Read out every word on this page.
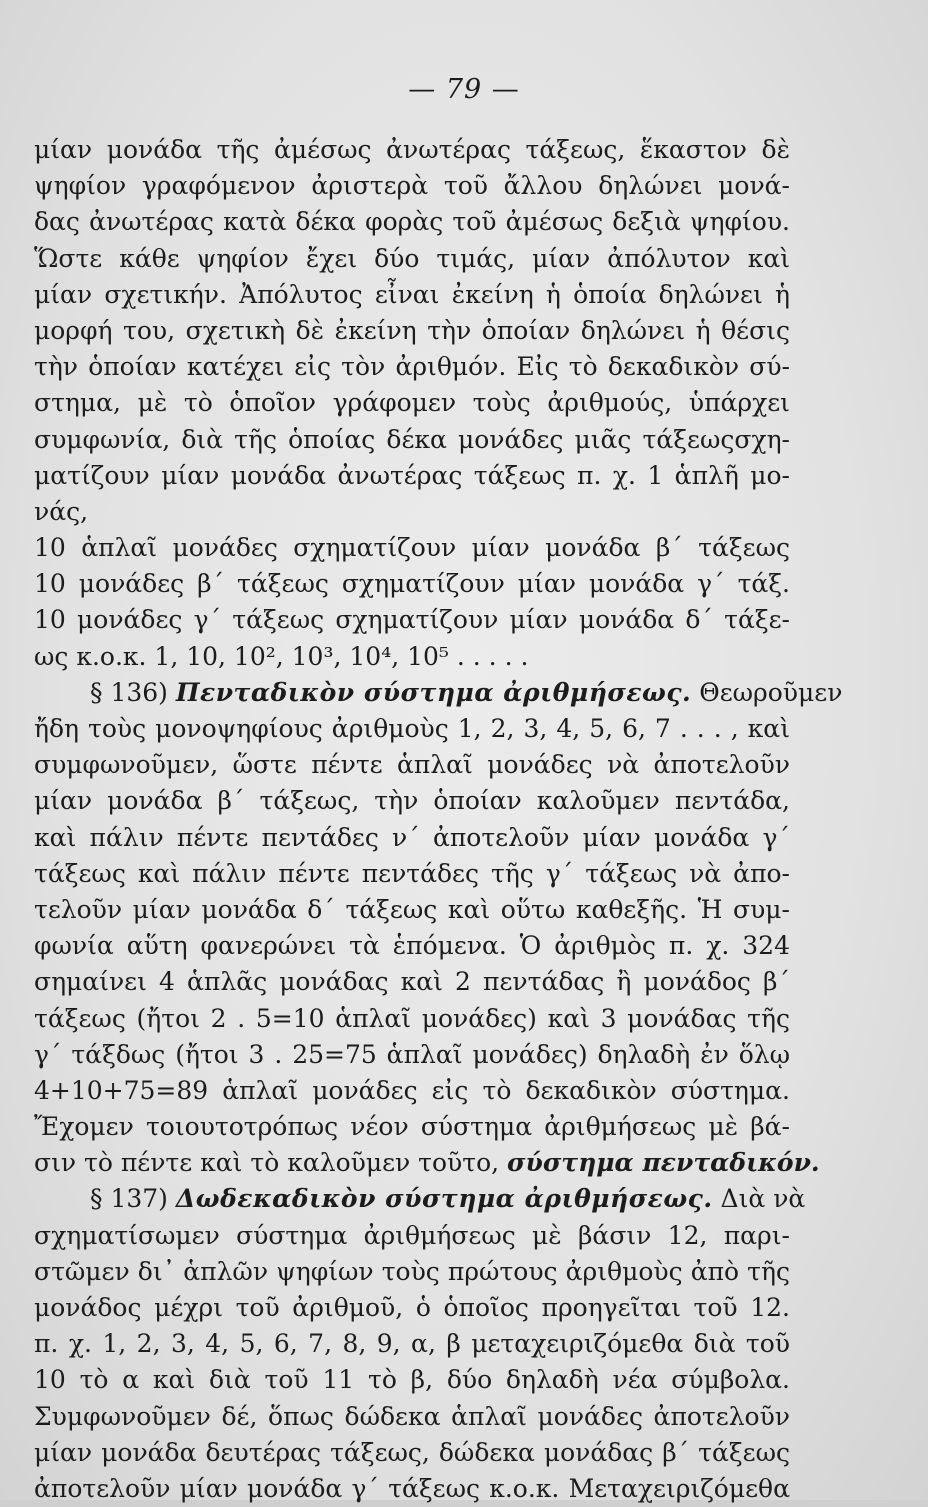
— 79 —
μίαν μονάδα τῆς ἀμέσως ἀνωτέρας τάξεως, ἕκαστον δὲ
ψηφίον γραφόμενον ἀριστερὰ τοῦ ἄλλου δηλώνει μονά-
δας ἀνωτέρας κατὰ δέκα φορὰς τοῦ ἀμέσως δεξιὰ ψηφίου.
Ὥστε κάθε ψηφίον ἔχει δύο τιμάς, μίαν ἀπόλυτον καὶ
μίαν σχετικήν. Ἀπόλυτος εἶναι ἐκείνη ἡ ὁποία δηλώνει ἡ
μορφή του, σχετικὴ δὲ ἐκείνη τὴν ὁποίαν δηλώνει ἡ θέσις
τὴν ὁποίαν κατέχει εἰς τὸν ἀριθμόν. Εἰς τὸ δεκαδικὸν σύ-
στημα, μὲ τὸ ὁποῖον γράφομεν τοὺς ἀριθμούς, ὑπάρχει
συμφωνία, διὰ τῆς ὁποίας δέκα μονάδες μιᾶς τάξεωςσχη-
ματίζουν μίαν μονάδα ἀνωτέρας τάξεως π. χ. 1 ἁπλῆ μο-
νάς,
10 ἁπλαῖ μονάδες σχηματίζουν μίαν μονάδα β΄ τάξεως
10 μονάδες β΄ τάξεως σχηματίζουν μίαν μονάδα γ΄ τάξ.
10 μονάδες γ΄ τάξεως σχηματίζουν μίαν μονάδα δ΄ τάξε-
ως κ.ο.κ. 1, 10, 10², 10³, 10⁴, 10⁵ . . . . .
§ 136) Πενταδικὸν σύστημα ἀριθμήσεως. Θεωροῦμεν
ἤδη τοὺς μονοψηφίους ἀριθμοὺς 1, 2, 3, 4, 5, 6, 7 . . . , καὶ
συμφωνοῦμεν, ὥστε πέντε ἁπλαῖ μονάδες νὰ ἀποτελοῦν
μίαν μονάδα β΄ τάξεως, τὴν ὁποίαν καλοῦμεν πεντάδα,
καὶ πάλιν πέντε πεντάδες ν΄ ἀποτελοῦν μίαν μονάδα γ΄
τάξεως καὶ πάλιν πέντε πεντάδες τῆς γ΄ τάξεως νὰ ἀπο-
τελοῦν μίαν μονάδα δ΄ τάξεως καὶ οὕτω καθεξῆς. Ἡ συμ-
φωνία αὕτη φανερώνει τὰ ἑπόμενα. Ὁ ἀριθμὸς π. χ. 324
σημαίνει 4 ἁπλᾶς μονάδας καὶ 2 πεντάδας ἢ μονάδος β΄
τάξεως (ἤτοι 2 . 5=10 ἁπλαῖ μονάδες) καὶ 3 μονάδας τῆς
γ΄ τάξδως (ἤτοι 3 . 25=75 ἁπλαῖ μονάδες) δηλαδὴ ἐν ὅλῳ
4+10+75=89 ἁπλαῖ μονάδες εἰς τὸ δεκαδικὸν σύστημα.
Ἔχομεν τοιουτοτρόπως νέον σύστημα ἀριθμήσεως μὲ βά-
σιν τὸ πέντε καὶ τὸ καλοῦμεν τοῦτο, σύστημα πενταδικόν.
§ 137) Δωδεκαδικὸν σύστημα ἀριθμήσεως. Διὰ νὰ
σχηματίσωμεν σύστημα ἀριθμήσεως μὲ βάσιν 12, παρι-
στῶμεν δι᾽ ἁπλῶν ψηφίων τοὺς πρώτους ἀριθμοὺς ἀπὸ τῆς
μονάδος μέχρι τοῦ ἀριθμοῦ, ὁ ὁποῖος προηγεῖται τοῦ 12.
π. χ. 1, 2, 3, 4, 5, 6, 7, 8, 9, α, β μεταχειριζόμεθα διὰ τοῦ
10 τὸ α καὶ διὰ τοῦ 11 τὸ β, δύο δηλαδὴ νέα σύμβολα.
Συμφωνοῦμεν δέ, ὅπως δώδεκα ἁπλαῖ μονάδες ἀποτελοῦν
μίαν μονάδα δευτέρας τάξεως, δώδεκα μονάδας β΄ τάξεως
ἀποτελοῦν μίαν μονάδα γ΄ τάξεως κ.ο.κ. Μεταχειριζόμεθα
